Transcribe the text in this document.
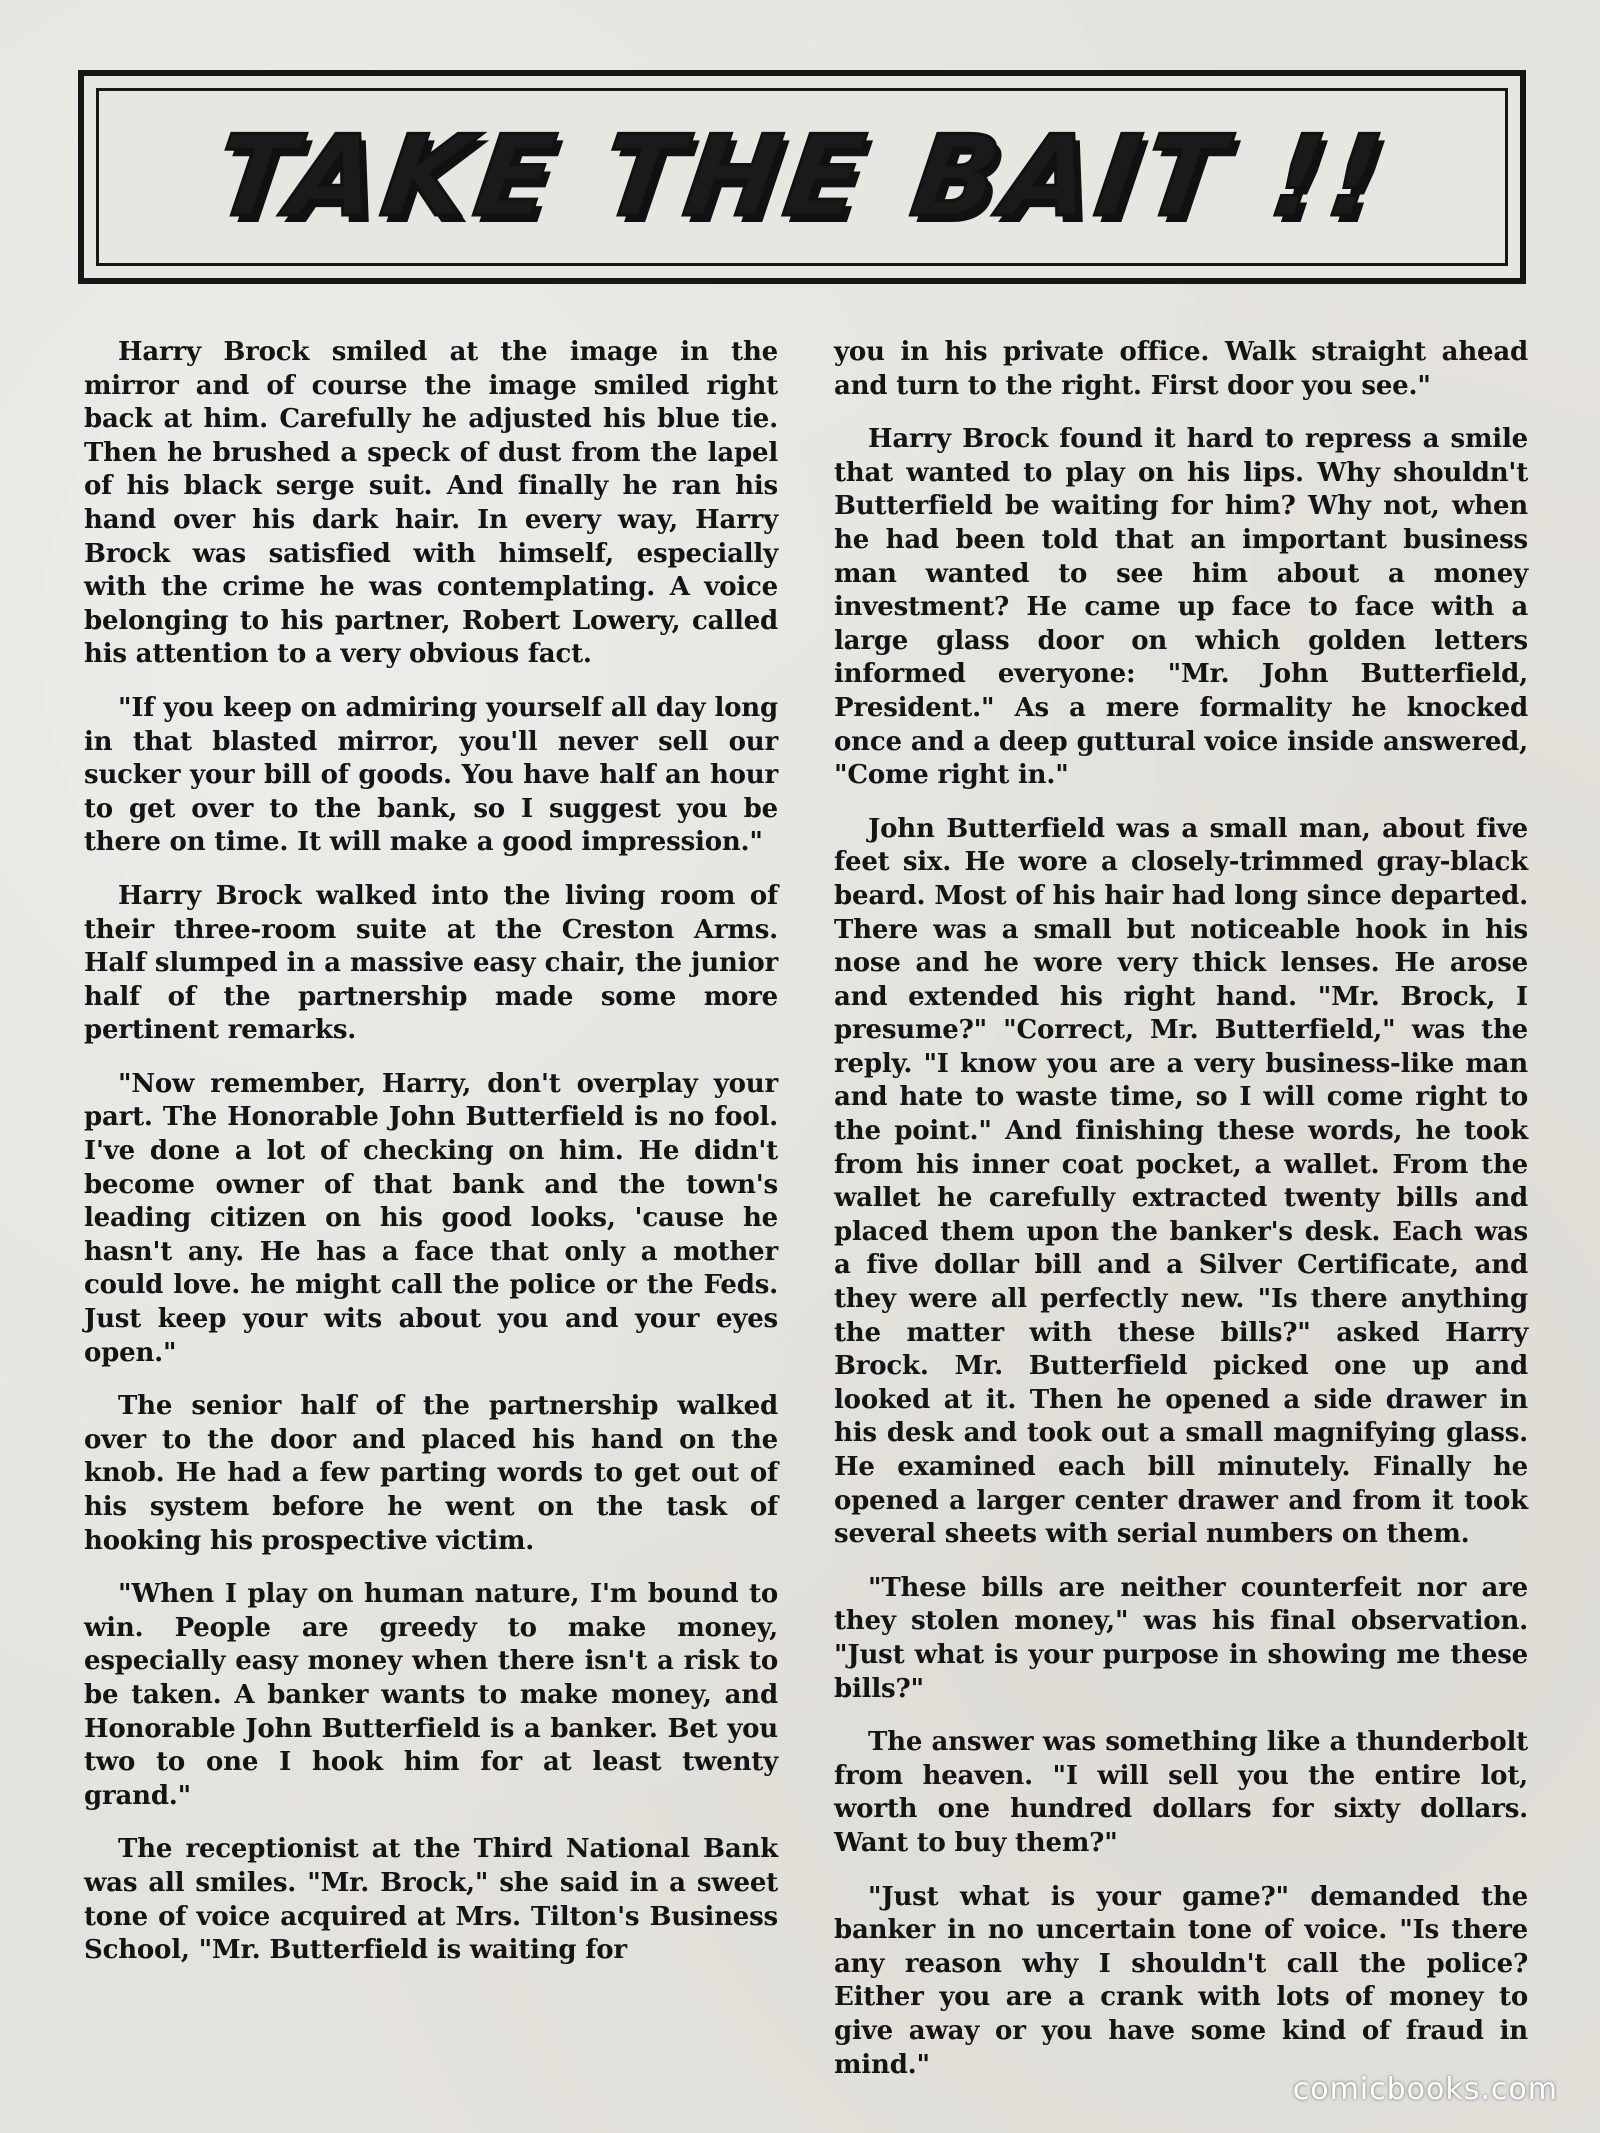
TAKE THE BAIT !!

Harry Brock smiled at the image in the mirror and of course the image smiled right back at him. Carefully he adjusted his blue tie. Then he brushed a speck of dust from the lapel of his black serge suit. And finally he ran his hand over his dark hair. In every way, Harry Brock was satisfied with himself, especially with the crime he was contemplating. A voice belonging to his partner, Robert Lowery, called his attention to a very obvious fact.

"If you keep on admiring yourself all day long in that blasted mirror, you'll never sell our sucker your bill of goods. You have half an hour to get over to the bank, so I suggest you be there on time. It will make a good impression."

Harry Brock walked into the living room of their three-room suite at the Creston Arms. Half slumped in a massive easy chair, the junior half of the partnership made some more pertinent remarks.

"Now remember, Harry, don't overplay your part. The Honorable John Butterfield is no fool. I've done a lot of checking on him. He didn't become owner of that bank and the town's leading citizen on his good looks, 'cause he hasn't any. He has a face that only a mother could love. he might call the police or the Feds. Just keep your wits about you and your eyes open."

The senior half of the partnership walked over to the door and placed his hand on the knob. He had a few parting words to get out of his system before he went on the task of hooking his prospective victim.

"When I play on human nature, I'm bound to win. People are greedy to make money, especially easy money when there isn't a risk to be taken. A banker wants to make money, and Honorable John Butterfield is a banker. Bet you two to one I hook him for at least twenty grand."

The receptionist at the Third National Bank was all smiles. "Mr. Brock," she said in a sweet tone of voice acquired at Mrs. Tilton's Business School, "Mr. Butterfield is waiting for

you in his private office. Walk straight ahead and turn to the right. First door you see."

Harry Brock found it hard to repress a smile that wanted to play on his lips. Why shouldn't Butterfield be waiting for him? Why not, when he had been told that an important business man wanted to see him about a money investment? He came up face to face with a large glass door on which golden letters informed everyone: "Mr. John Butterfield, President." As a mere formality he knocked once and a deep guttural voice inside answered, "Come right in."

John Butterfield was a small man, about five feet six. He wore a closely-trimmed gray-black beard. Most of his hair had long since departed. There was a small but noticeable hook in his nose and he wore very thick lenses. He arose and extended his right hand. "Mr. Brock, I presume?" "Correct, Mr. Butterfield," was the reply. "I know you are a very business-like man and hate to waste time, so I will come right to the point." And finishing these words, he took from his inner coat pocket, a wallet. From the wallet he carefully extracted twenty bills and placed them upon the banker's desk. Each was a five dollar bill and a Silver Certificate, and they were all perfectly new. "Is there anything the matter with these bills?" asked Harry Brock. Mr. Butterfield picked one up and looked at it. Then he opened a side drawer in his desk and took out a small magnifying glass. He examined each bill minutely. Finally he opened a larger center drawer and from it took several sheets with serial numbers on them.

"These bills are neither counterfeit nor are they stolen money," was his final observation. "Just what is your purpose in showing me these bills?"

The answer was something like a thunderbolt from heaven. "I will sell you the entire lot, worth one hundred dollars for sixty dollars. Want to buy them?"

"Just what is your game?" demanded the banker in no uncertain tone of voice. "Is there any reason why I shouldn't call the police? Either you are a crank with lots of money to give away or you have some kind of fraud in mind."

comicbooks.com
